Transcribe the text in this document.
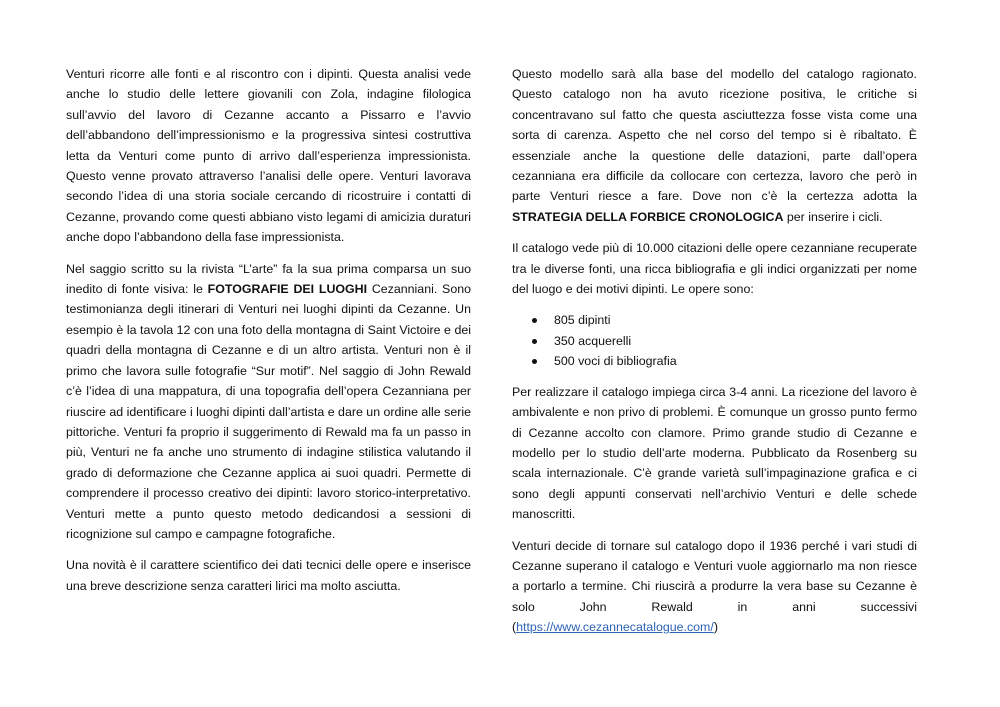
Venturi ricorre alle fonti e al riscontro con i dipinti. Questa analisi vede anche lo studio delle lettere giovanili con Zola, indagine filologica sull’avvio del lavoro di Cezanne accanto a Pissarro e l’avvio dell’abbandono dell’impressionismo e la progressiva sintesi costruttiva letta da Venturi come punto di arrivo dall’esperienza impressionista. Questo venne provato attraverso l’analisi delle opere. Venturi lavorava secondo l’idea di una storia sociale cercando di ricostruire i contatti di Cezanne, provando come questi abbiano visto legami di amicizia duraturi anche dopo l’abbandono della fase impressionista.

Nel saggio scritto su la rivista “L’arte” fa la sua prima comparsa un suo inedito di fonte visiva: le FOTOGRAFIE DEI LUOGHI Cezanniani. Sono testimonianza degli itinerari di Venturi nei luoghi dipinti da Cezanne. Un esempio è la tavola 12 con una foto della montagna di Saint Victoire e dei quadri della montagna di Cezanne e di un altro artista. Venturi non è il primo che lavora sulle fotografie “Sur motif”. Nel saggio di John Rewald c’è l’idea di una mappatura, di una topografia dell’opera Cezanniana per riuscire ad identificare i luoghi dipinti dall’artista e dare un ordine alle serie pittoriche. Venturi fa proprio il suggerimento di Rewald ma fa un passo in più, Venturi ne fa anche uno strumento di indagine stilistica valutando il grado di deformazione che Cezanne applica ai suoi quadri. Permette di comprendere il processo creativo dei dipinti: lavoro storico-interpretativo. Venturi mette a punto questo metodo dedicandosi a sessioni di ricognizione sul campo e campagne fotografiche.

Una novità è il carattere scientifico dei dati tecnici delle opere e inserisce una breve descrizione senza caratteri lirici ma molto asciutta.

Questo modello sarà alla base del modello del catalogo ragionato. Questo catalogo non ha avuto ricezione positiva, le critiche si concentravano sul fatto che questa asciuttezza fosse vista come una sorta di carenza. Aspetto che nel corso del tempo si è ribaltato. È essenziale anche la questione delle datazioni, parte dall’opera cezanniana era difficile da collocare con certezza, lavoro che però in parte Venturi riesce a fare. Dove non c’è la certezza adotta la STRATEGIA DELLA FORBICE CRONOLOGICA per inserire i cicli.

Il catalogo vede più di 10.000 citazioni delle opere cezanniane recuperate tra le diverse fonti, una ricca bibliografia e gli indici organizzati per nome del luogo e dei motivi dipinti. Le opere sono:

805 dipinti
350 acquerelli
500 voci di bibliografia

Per realizzare il catalogo impiega circa 3-4 anni. La ricezione del lavoro è ambivalente e non privo di problemi. È comunque un grosso punto fermo di Cezanne accolto con clamore. Primo grande studio di Cezanne e modello per lo studio dell’arte moderna. Pubblicato da Rosenberg su scala internazionale. C’è grande varietà sull’impaginazione grafica e ci sono degli appunti conservati nell’archivio Venturi e delle schede manoscritti.

Venturi decide di tornare sul catalogo dopo il 1936 perché i vari studi di Cezanne superano il catalogo e Venturi vuole aggiornarlo ma non riesce a portarlo a termine. Chi riuscirà a produrre la vera base su Cezanne è solo John Rewald in anni successivi (https://www.cezannecatalogue.com/)
